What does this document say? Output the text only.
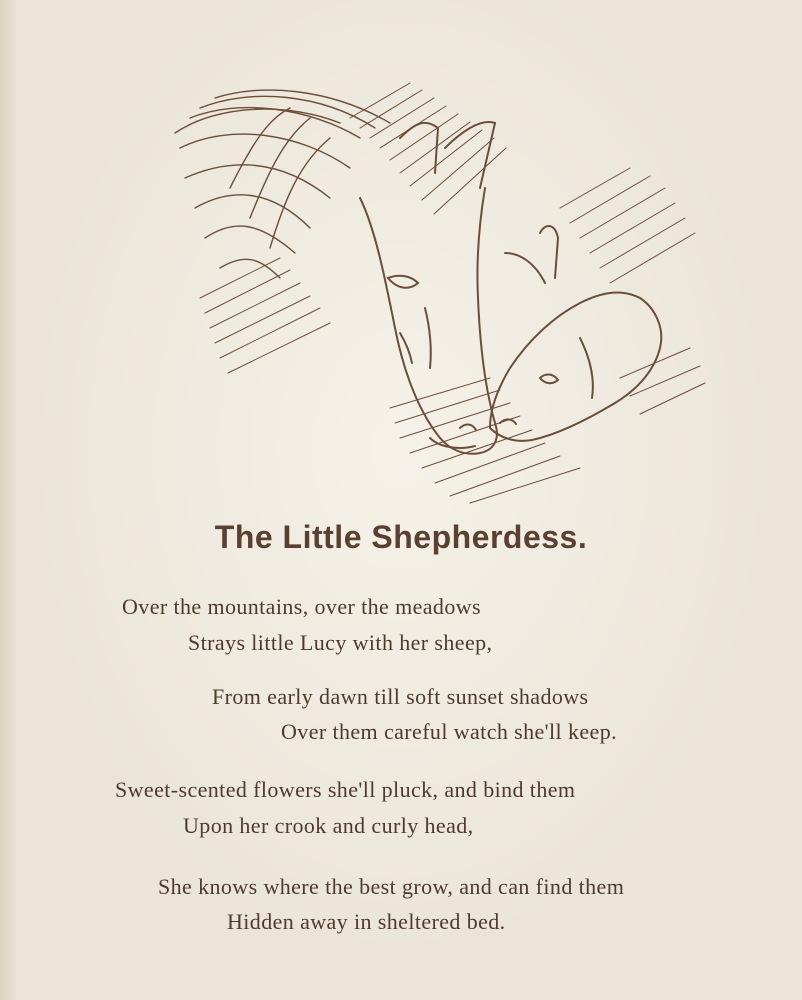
The Little Shepherdess.
Over the mountains, over the meadows
Strays little Lucy with her sheep,
From early dawn till soft sunset shadows
Over them careful watch she'll keep.
Sweet-scented flowers she'll pluck, and bind them
Upon her crook and curly head,
She knows where the best grow, and can find them
Hidden away in sheltered bed.
